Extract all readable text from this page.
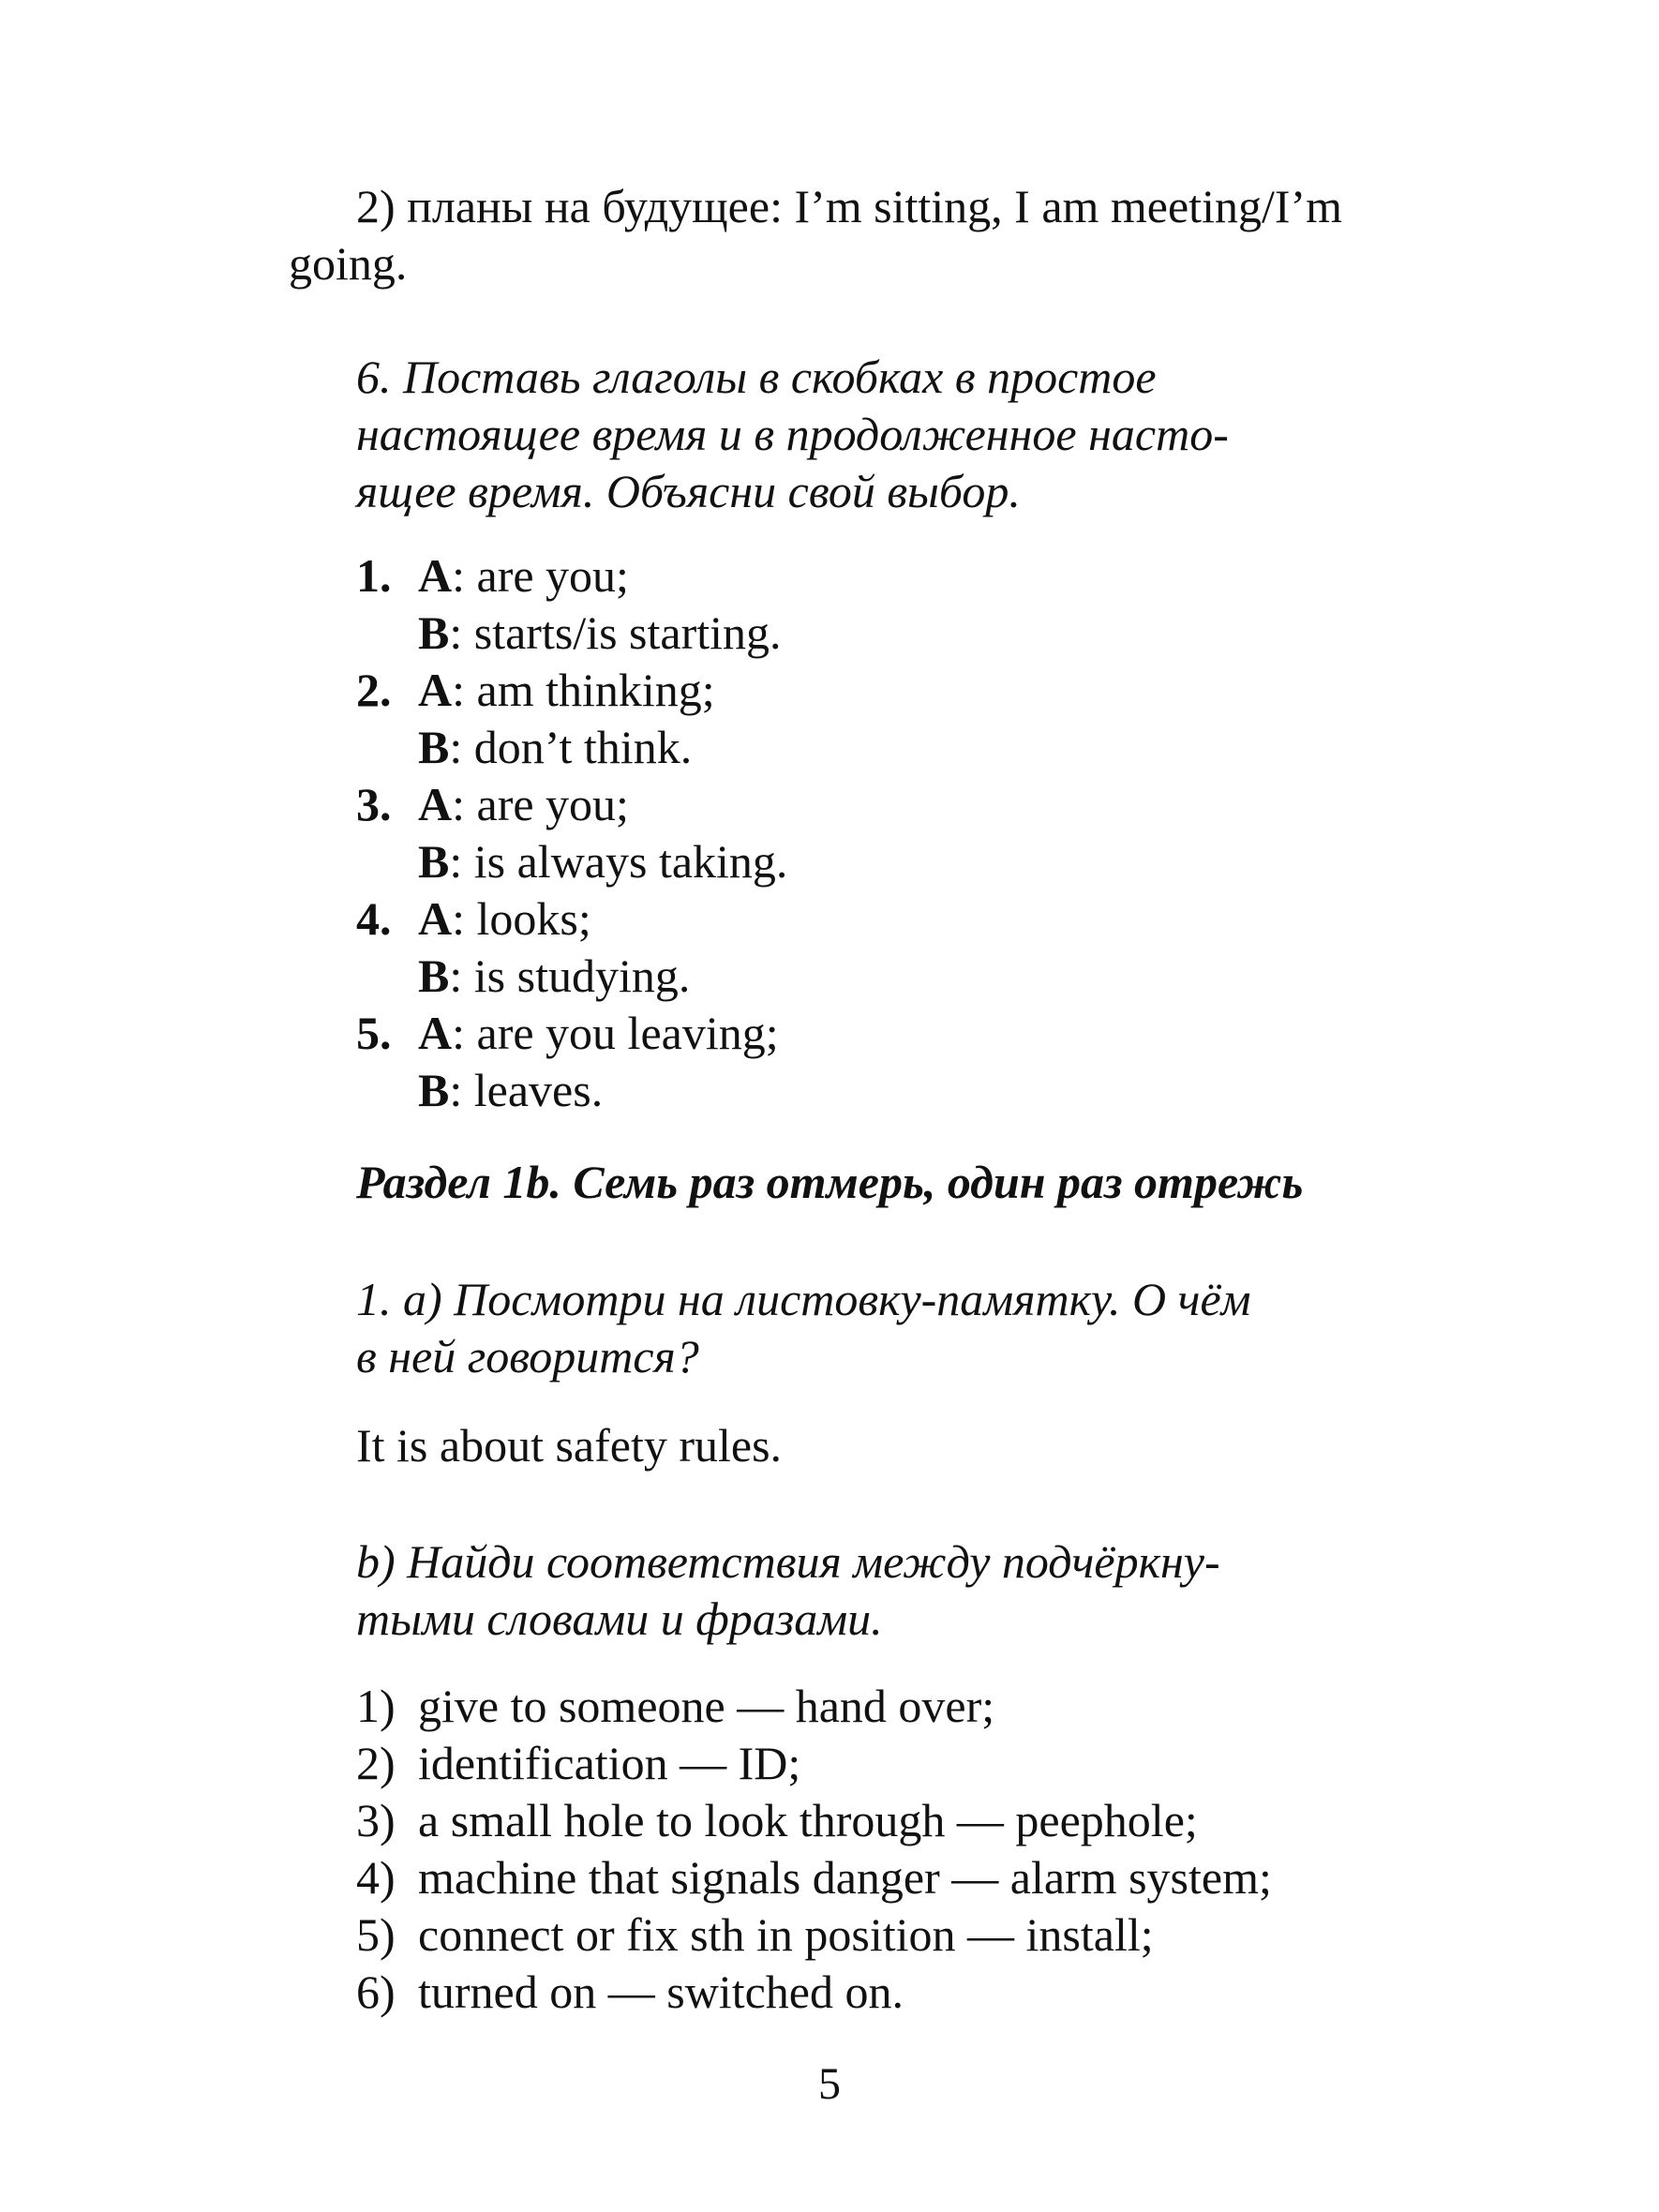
2) планы на будущее: I’m sitting, I am meeting/I’m
going.

6. Поставь глаголы в скобках в простое
настоящее время и в продолженное насто-
ящее время. Объясни свой выбор.

1. A : are you;
B : starts/is starting.
2. A : am thinking;
B : don’t think.
3. A : are you;
B : is always taking.
4. A : looks;
B : is studying.
5. A : are you leaving;
B : leaves.
Раздел 1b. Семь раз отмерь, один раз отрежь

1. a) Посмотри на листовку-памятку. О чём
в ней говорится?

It is about safety rules.

b) Найди соответствия между подчёркну-
тыми словами и фразами.

1) give to someone — hand over;
2) identification — ID;
3) a small hole to look through — peephole;
4) machine that signals danger — alarm system;
5) connect or fix sth in position — install;
6) turned on — switched on.
5
